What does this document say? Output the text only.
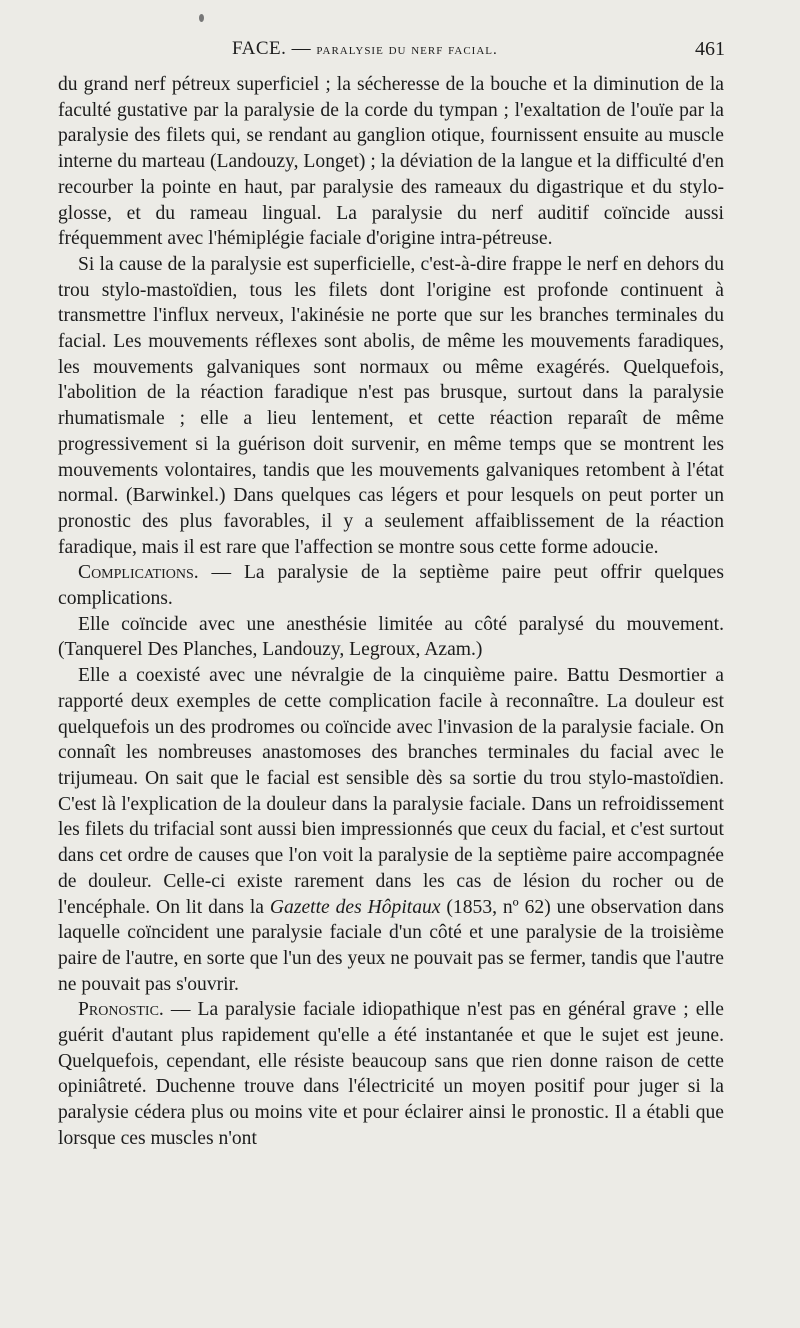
FACE. — paralysie du nerf facial.	461

du grand nerf pétreux superficiel ; la sécheresse de la bouche et la diminution de la faculté gustative par la paralysie de la corde du tympan ; l'exaltation de l'ouïe par la paralysie des filets qui, se rendant au ganglion otique, fournissent ensuite au muscle interne du marteau (Landouzy, Longet) ; la déviation de la langue et la difficulté d'en recourber la pointe en haut, par paralysie des rameaux du digastrique et du stylo-glosse, et du rameau lingual. La paralysie du nerf auditif coïncide aussi fréquemment avec l'hémiplégie faciale d'origine intra-pétreuse.

Si la cause de la paralysie est superficielle, c'est-à-dire frappe le nerf en dehors du trou stylo-mastoïdien, tous les filets dont l'origine est profonde continuent à transmettre l'influx nerveux, l'akinésie ne porte que sur les branches terminales du facial. Les mouvements réflexes sont abolis, de même les mouvements faradiques, les mouvements galvaniques sont normaux ou même exagérés. Quelquefois, l'abolition de la réaction faradique n'est pas brusque, surtout dans la paralysie rhumatismale ; elle a lieu lentement, et cette réaction reparaît de même progressivement si la guérison doit survenir, en même temps que se montrent les mouvements volontaires, tandis que les mouvements galvaniques retombent à l'état normal. (Barwinkel.) Dans quelques cas légers et pour lesquels on peut porter un pronostic des plus favorables, il y a seulement affaiblissement de la réaction faradique, mais il est rare que l'affection se montre sous cette forme adoucie.

Complications. — La paralysie de la septième paire peut offrir quelques complications.

Elle coïncide avec une anesthésie limitée au côté paralysé du mouvement. (Tanquerel Des Planches, Landouzy, Legroux, Azam.)

Elle a coexisté avec une névralgie de la cinquième paire. Battu Desmortier a rapporté deux exemples de cette complication facile à reconnaître. La douleur est quelquefois un des prodromes ou coïncide avec l'invasion de la paralysie faciale. On connaît les nombreuses anastomoses des branches terminales du facial avec le trijumeau. On sait que le facial est sensible dès sa sortie du trou stylo-mastoïdien. C'est là l'explication de la douleur dans la paralysie faciale. Dans un refroidissement les filets du trifacial sont aussi bien impressionnés que ceux du facial, et c'est surtout dans cet ordre de causes que l'on voit la paralysie de la septième paire accompagnée de douleur. Celle-ci existe rarement dans les cas de lésion du rocher ou de l'encéphale. On lit dans la Gazette des Hôpitaux (1853, nº 62) une observation dans laquelle coïncident une paralysie faciale d'un côté et une paralysie de la troisième paire de l'autre, en sorte que l'un des yeux ne pouvait pas se fermer, tandis que l'autre ne pouvait pas s'ouvrir.

Pronostic. — La paralysie faciale idiopathique n'est pas en général grave ; elle guérit d'autant plus rapidement qu'elle a été instantanée et que le sujet est jeune. Quelquefois, cependant, elle résiste beaucoup sans que rien donne raison de cette opiniâtreté. Duchenne trouve dans l'électricité un moyen positif pour juger si la paralysie cédera plus ou moins vite et pour éclairer ainsi le pronostic. Il a établi que lorsque ces muscles n'ont
